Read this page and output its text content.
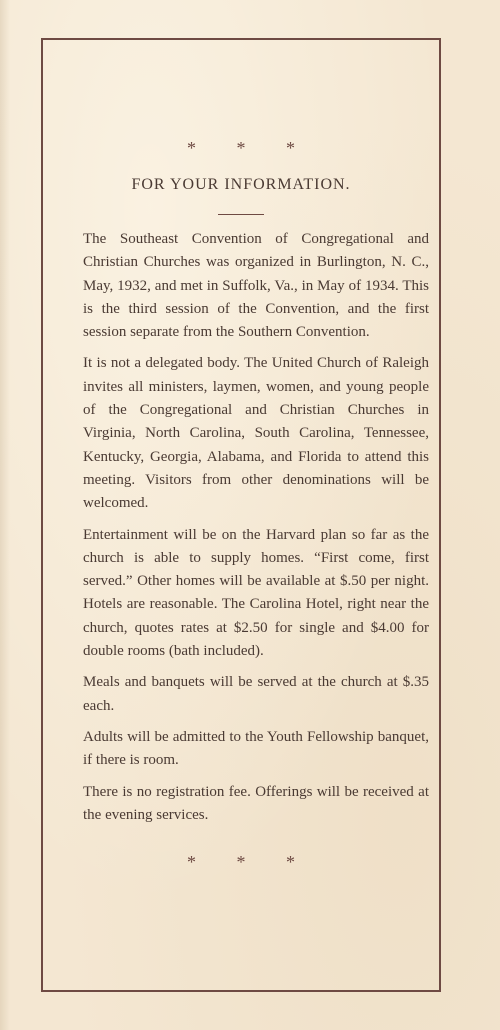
* * *
FOR YOUR INFORMATION.

The Southeast Convention of Congregational and Christian Churches was organized in Burlington, N. C., May, 1932, and met in Suffolk, Va., in May of 1934. This is the third session of the Convention, and the first session separate from the Southern Convention.

It is not a delegated body. The United Church of Raleigh invites all ministers, laymen, women, and young people of the Congregational and Christian Churches in Virginia, North Carolina, South Carolina, Tennessee, Kentucky, Georgia, Alabama, and Florida to attend this meeting. Visitors from other denominations will be welcomed.

Entertainment will be on the Harvard plan so far as the church is able to supply homes. “First come, first served.” Other homes will be available at $.50 per night. Hotels are reasonable. The Carolina Hotel, right near the church, quotes rates at $2.50 for single and $4.00 for double rooms (bath included).

Meals and banquets will be served at the church at $.35 each.

Adults will be admitted to the Youth Fellowship banquet, if there is room.

There is no registration fee. Offerings will be received at the evening services.

* * *
